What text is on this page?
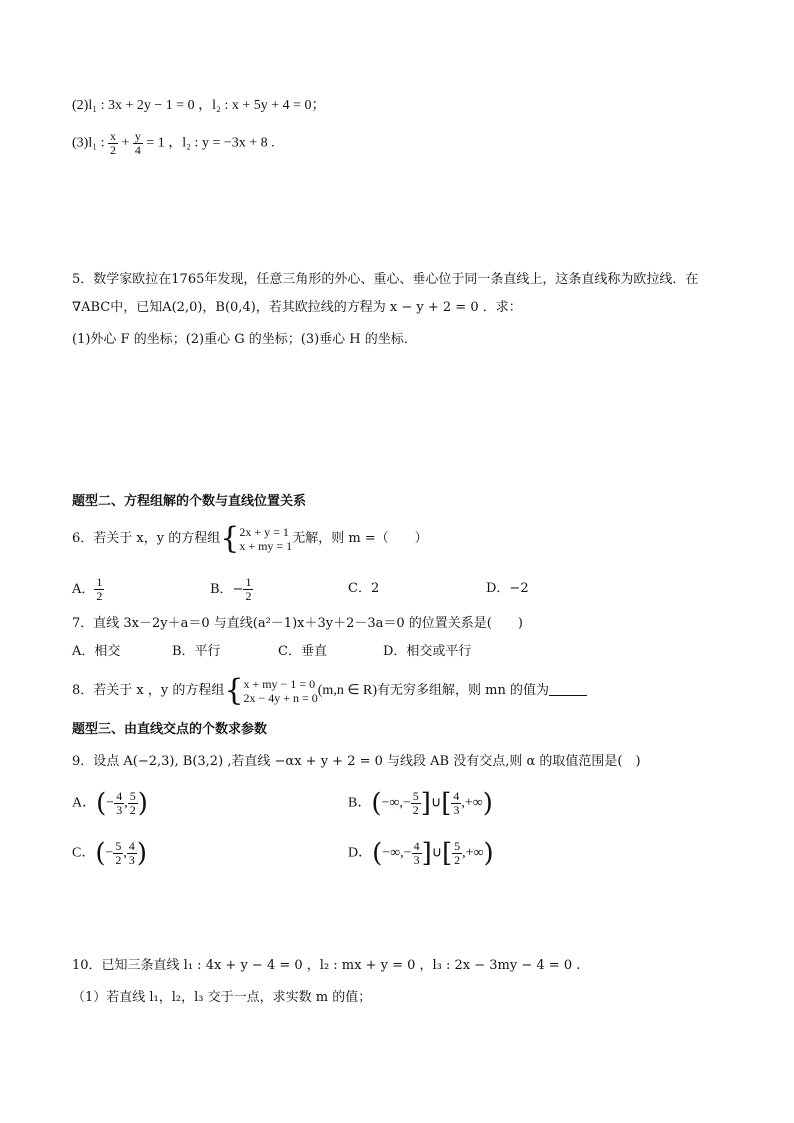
(2)l₁ : 3x + 2y − 1 = 0 ，l₂ : x + 5y + 4 = 0；
(3)l₁ : $\frac{x}{2} + \frac{y}{4} = 1$ ，l₂ : y = −3x + 8 .
5．数学家欧拉在1765年发现，任意三角形的外心、重心、垂心位于同一条直线上，这条直线称为欧拉线．在
∇ABC中，已知A(2,0)，B(0,4)，若其欧拉线的方程为 x − y + 2 = 0 ．求：
(1)外心 F 的坐标；(2)重心 G 的坐标；(3)垂心 H 的坐标．
题型二、方程组解的个数与直线位置关系
6．若关于 x，y 的方程组{ 2x + y = 1
x + my = 1 无解，则 m =（　　）
A． $\frac{1}{2}$	B．− $\frac{1}{2}$	C．2	D．−2
7．直线 3x－2y＋a＝0 与直线(a²－1)x＋3y＋2－3a＝0 的位置关系是(　　)
A．相交	B．平行	C．垂直	D．相交或平行
8．若关于 x ，y 的方程组{ x + my − 1 = 0
2x − 4y + n = 0 (m,n ∈ R)有无穷多组解，则 mn 的值为
题型三、由直线交点的个数求参数
9．设点 A(−2,3), B(3,2) ,若直线 −αx + y + 2 = 0 与线段 AB 没有交点,则 α 的取值范围是(　)
A．(− $\frac{4}{3}$ , $\frac{5}{2}$ )	B．(−∞,− $\frac{5}{2}$ ]∪[ $\frac{4}{3}$ ,+∞)
C．(− $\frac{5}{2}$ , $\frac{4}{3}$ )	D．(−∞,− $\frac{4}{3}$ ]∪[ $\frac{5}{2}$ ,+∞)
10．已知三条直线 l₁ : 4x + y − 4 = 0 ，l₂ : mx + y = 0 ，l₃ : 2x − 3my − 4 = 0 .
（1）若直线 l₁，l₂，l₃ 交于一点，求实数 m 的值；
